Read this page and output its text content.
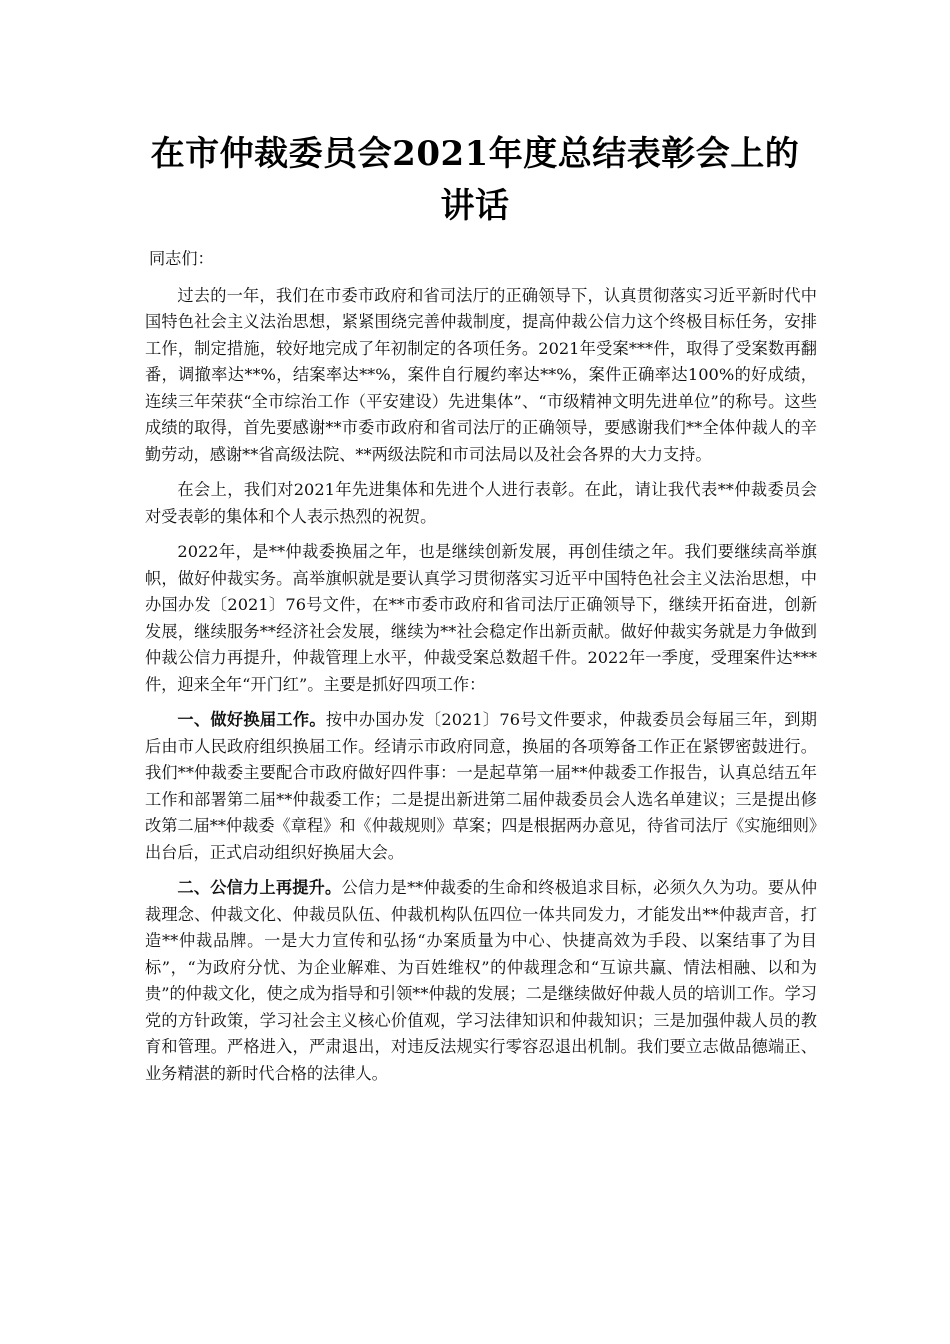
在市仲裁委员会2021年度总结表彰会上的
讲话

同志们：

过去的一年，我们在市委市政府和省司法厅的正确领导下，认真贯彻落实习近平新时代中国特色社会主义法治思想，紧紧围绕完善仲裁制度，提高仲裁公信力这个终极目标任务，安排工作，制定措施，较好地完成了年初制定的各项任务。2021年受案***件，取得了受案数再翻番，调撤率达**%，结案率达**%，案件自行履约率达**%，案件正确率达100%的好成绩，连续三年荣获“全市综治工作（平安建设）先进集体”、“市级精神文明先进单位”的称号。这些成绩的取得，首先要感谢**市委市政府和省司法厅的正确领导，要感谢我们**全体仲裁人的辛勤劳动，感谢**省高级法院、**两级法院和市司法局以及社会各界的大力支持。

在会上，我们对2021年先进集体和先进个人进行表彰。在此，请让我代表**仲裁委员会对受表彰的集体和个人表示热烈的祝贺。

2022年，是**仲裁委换届之年，也是继续创新发展，再创佳绩之年。我们要继续高举旗帜，做好仲裁实务。高举旗帜就是要认真学习贯彻落实习近平中国特色社会主义法治思想，中办国办发〔2021〕76号文件，在**市委市政府和省司法厅正确领导下，继续开拓奋进，创新发展，继续服务**经济社会发展，继续为**社会稳定作出新贡献。做好仲裁实务就是力争做到仲裁公信力再提升，仲裁管理上水平，仲裁受案总数超千件。2022年一季度，受理案件达***件，迎来全年“开门红”。主要是抓好四项工作：

一、做好换届工作。按中办国办发〔2021〕76号文件要求，仲裁委员会每届三年，到期后由市人民政府组织换届工作。经请示市政府同意，换届的各项筹备工作正在紧锣密鼓进行。我们**仲裁委主要配合市政府做好四件事：一是起草第一届**仲裁委工作报告，认真总结五年工作和部署第二届**仲裁委工作；二是提出新进第二届仲裁委员会人选名单建议；三是提出修改第二届**仲裁委《章程》和《仲裁规则》草案；四是根据两办意见，待省司法厅《实施细则》出台后，正式启动组织好换届大会。

二、公信力上再提升。公信力是**仲裁委的生命和终极追求目标，必须久久为功。要从仲裁理念、仲裁文化、仲裁员队伍、仲裁机构队伍四位一体共同发力，才能发出**仲裁声音，打造**仲裁品牌。一是大力宣传和弘扬“办案质量为中心、快捷高效为手段、以案结事了为目标”，“为政府分忧、为企业解难、为百姓维权”的仲裁理念和“互谅共赢、情法相融、以和为贵”的仲裁文化，使之成为指导和引领**仲裁的发展；二是继续做好仲裁人员的培训工作。学习党的方针政策，学习社会主义核心价值观，学习法律知识和仲裁知识；三是加强仲裁人员的教育和管理。严格进入，严肃退出，对违反法规实行零容忍退出机制。我们要立志做品德端正、业务精湛的新时代合格的法律人。
